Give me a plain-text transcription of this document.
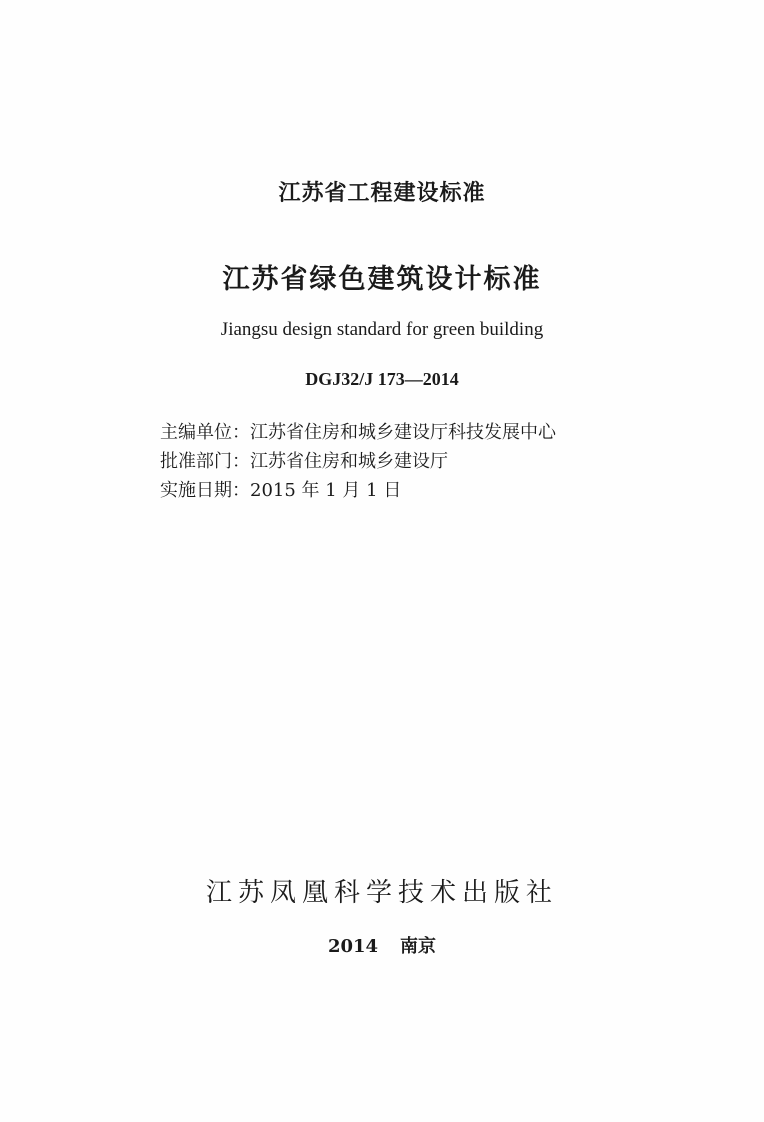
江苏省工程建设标准
江苏省绿色建筑设计标准
Jiangsu design standard for green building
DGJ32/J 173—2014
主编单位：江苏省住房和城乡建设厅科技发展中心
批准部门：江苏省住房和城乡建设厅
实施日期：2015 年 1 月 1 日
江苏凤凰科学技术出版社
2014 南京
